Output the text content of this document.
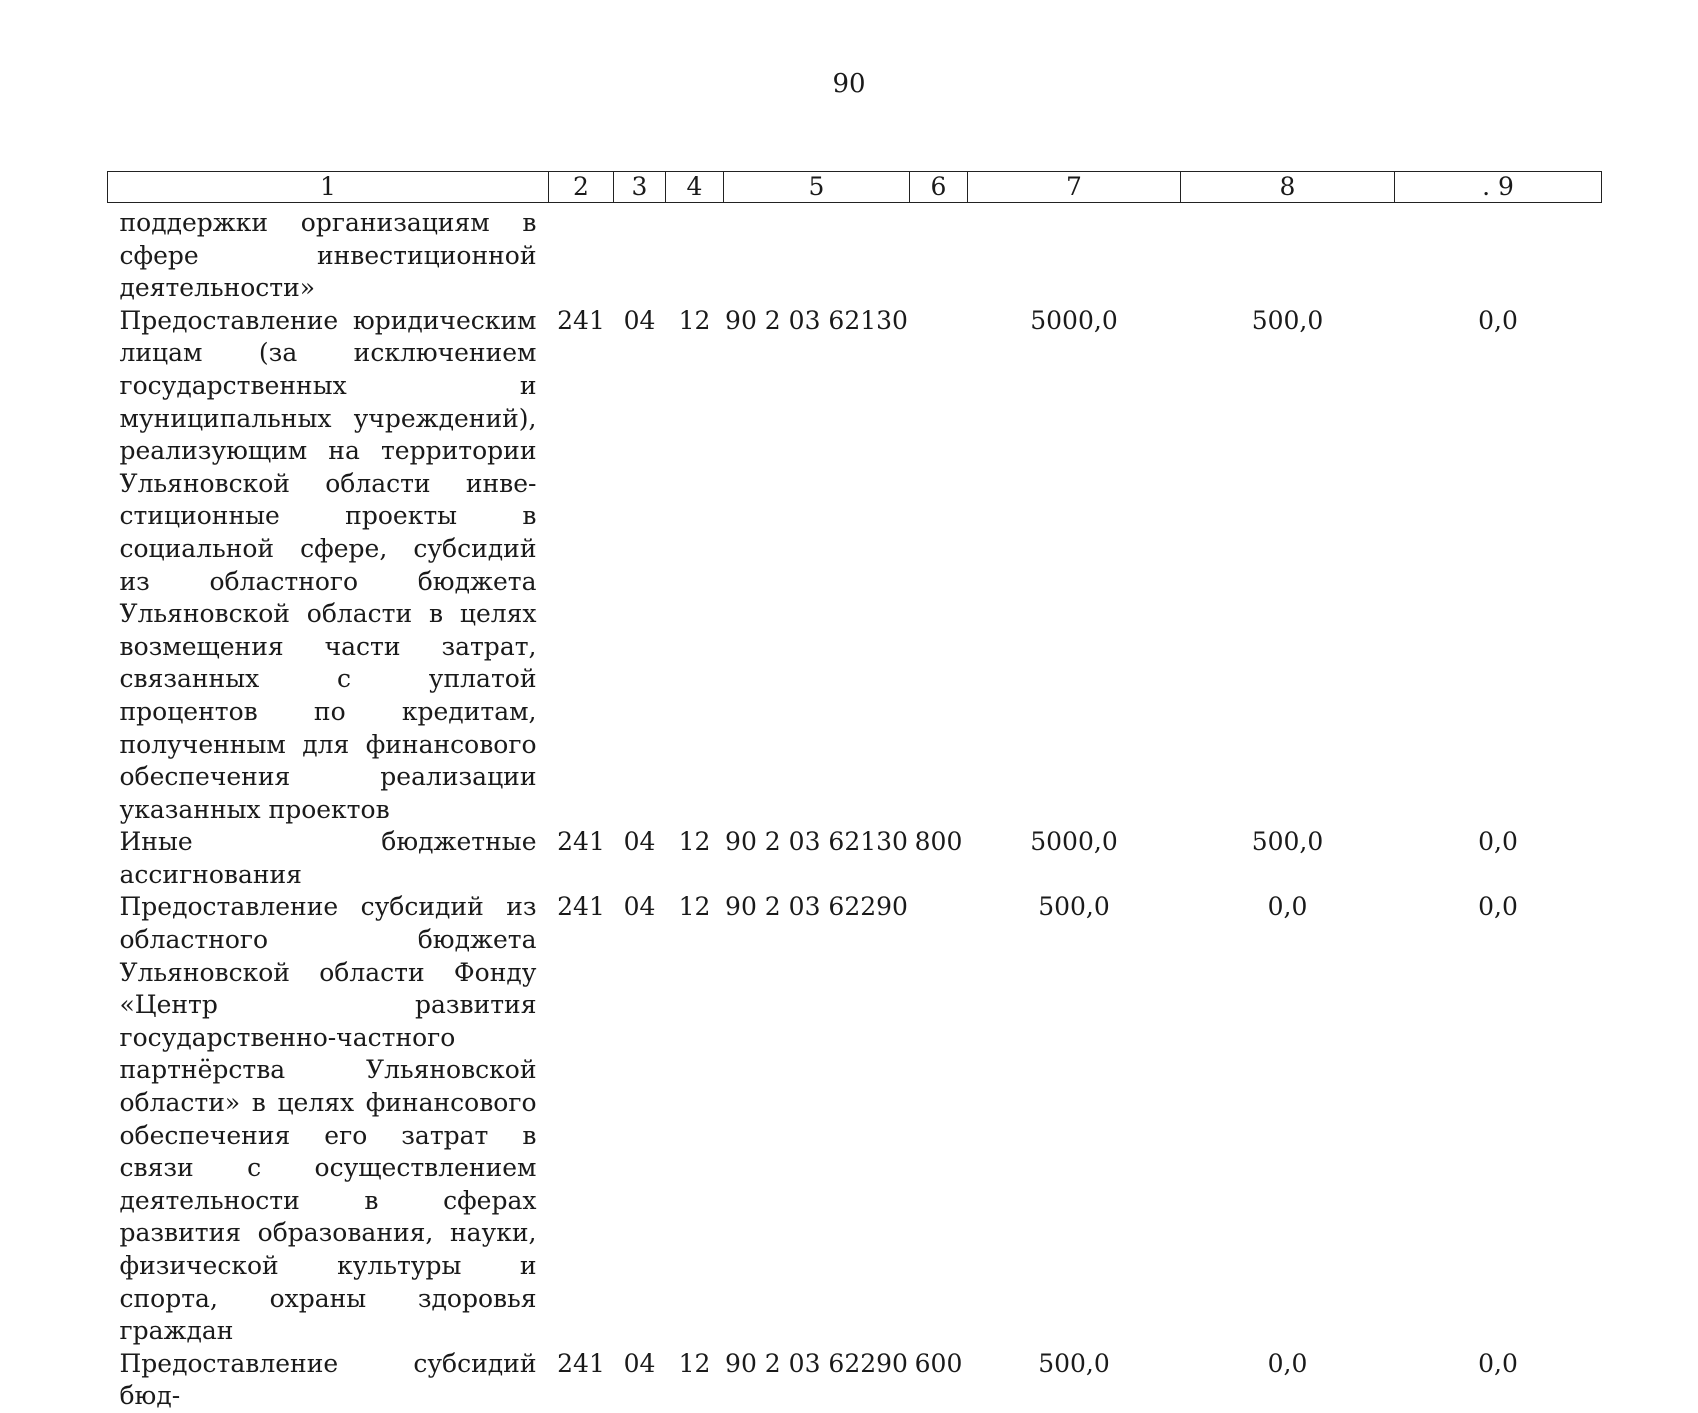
90
1	2	3	4	5	6	7	8	. 9
поддержки организациям в сфере инвестиционной деятельности»								
Предоставление юридическим лицам (за исключением государственных и муниципальных учреждений), реализующим на территории Ульяновской области инвестиционные проекты в социальной сфере, субсидий из областного бюджета Ульяновской области в целях возмещения части затрат, связанных с уплатой процентов по кредитам, полученным для финансового обеспечения реализации указанных проектов	241	04	12	90 2 03 62130		5000,0	500,0	0,0
Иные бюджетные ассигнования	241	04	12	90 2 03 62130	800	5000,0	500,0	0,0
Предоставление субсидий из областного бюджета Ульяновской области Фонду «Центр развития государственно-частного партнёрства Ульяновской области» в целях финансового обеспечения его затрат в связи с осуществлением деятельности в сферах развития образования, науки, физической культуры и спорта, охраны здоровья граждан	241	04	12	90 2 03 62290		500,0	0,0	0,0
Предоставление субсидий бюд-	241	04	12	90 2 03 62290	600	500,0	0,0	0,0
